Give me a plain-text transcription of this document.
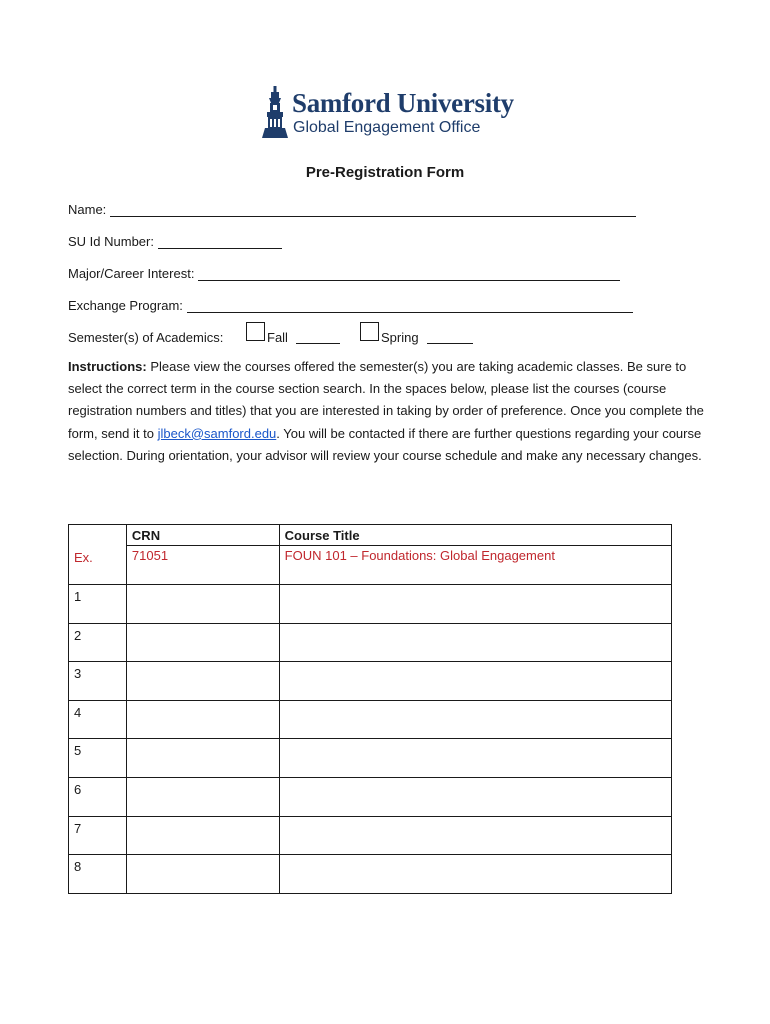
Samford University
Global Engagement Office
Pre-Registration Form
Name:
SU Id Number:
Major/Career Interest:
Exchange Program:
Semester(s) of Academics:	Fall	Spring
Instructions: Please view the courses offered the semester(s) you are taking academic classes. Be sure to select the correct term in the course section search. In the spaces below, please list the courses (course registration numbers and titles) that you are interested in taking by order of preference. Once you complete the form, send it to jlbeck@samford.edu. You will be contacted if there are further questions regarding your course selection. During orientation, your advisor will review your course schedule and make any necessary changes.
	CRN	Course Title
Ex.	71051	FOUN 101 – Foundations: Global Engagement
1		
2		
3		
4		
5		
6		
7		
8		
